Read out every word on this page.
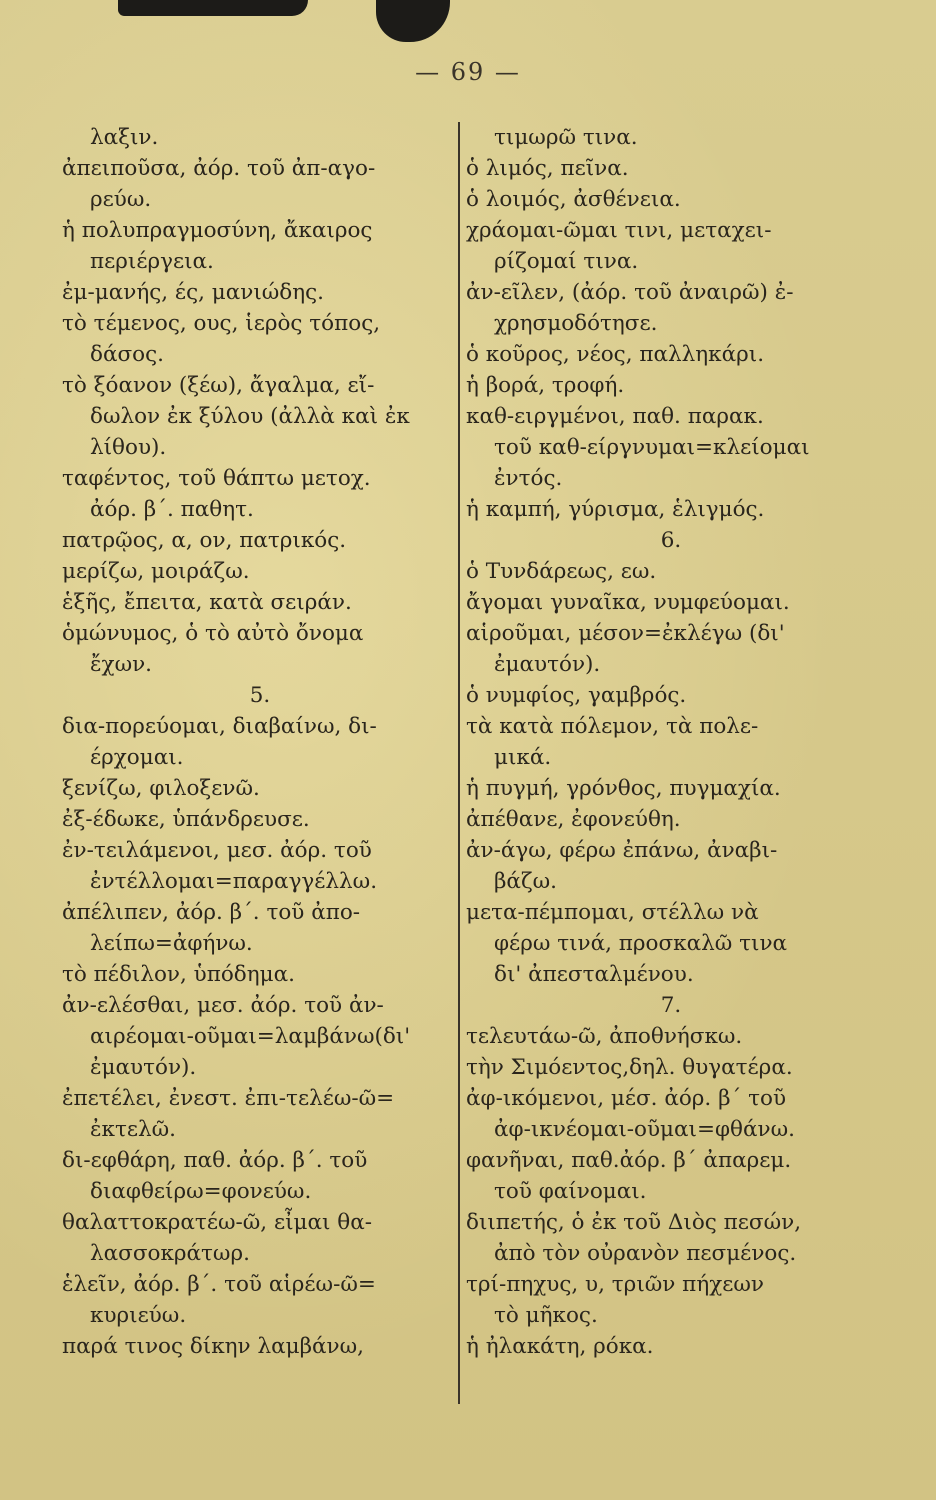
— 69 —
λαξιν.
ἀπειποῦσα, ἀόρ. τοῦ ἀπ-αγο-
ρεύω.
ἡ πολυπραγμοσύνη, ἄκαιρος
περιέργεια.
ἐμ-μανής, ές, μανιώδης.
τὸ τέμενος, ους, ἱερὸς τόπος,
δάσος.
τὸ ξόανον (ξέω), ἄγαλμα, εἴ-
δωλον ἐκ ξύλου (ἀλλὰ καὶ ἐκ
λίθου).
ταφέντος, τοῦ θάπτω μετοχ.
ἀόρ. β΄. παθητ.
πατρῷος, α, ον, πατρικός.
μερίζω, μοιράζω.
ἑξῆς, ἔπειτα, κατὰ σειράν.
ὁμώνυμος, ὁ τὸ αὐτὸ ὄνομα
ἔχων.
5.
δια-πορεύομαι, διαβαίνω, δι-
έρχομαι.
ξενίζω, φιλοξενῶ.
ἐξ-έδωκε, ὑπάνδρευσε.
ἐν-τειλάμενοι, μεσ. ἀόρ. τοῦ
ἐντέλλομαι=παραγγέλλω.
ἀπέλιπεν, ἀόρ. β΄. τοῦ ἀπο-
λείπω=ἀφήνω.
τὸ πέδιλον, ὑπόδημα.
ἀν-ελέσθαι, μεσ. ἀόρ. τοῦ ἀν-
αιρέομαι-οῦμαι=λαμβάνω(δι'
ἐμαυτόν).
ἐπετέλει, ἐνεστ. ἐπι-τελέω-ῶ=
ἐκτελῶ.
δι-εφθάρη, παθ. ἀόρ. β΄. τοῦ
διαφθείρω=φονεύω.
θαλαττοκρατέω-ῶ, εἶμαι θα-
λασσοκράτωρ.
ἑλεῖν, ἀόρ. β΄. τοῦ αἱρέω-ῶ=
κυριεύω.
παρά τινος δίκην λαμβάνω,
τιμωρῶ τινα.
ὁ λιμός, πεῖνα.
ὁ λοιμός, ἀσθένεια.
χράομαι-ῶμαι τινι, μεταχει-
ρίζομαί τινα.
ἀν-εῖλεν, (ἀόρ. τοῦ ἀναιρῶ) ἐ-
χρησμοδότησε.
ὁ κοῦρος, νέος, παλληκάρι.
ἡ βορά, τροφή.
καθ-ειργμένοι, παθ. παρακ.
τοῦ καθ-είργνυμαι=κλείομαι
ἐντός.
ἡ καμπή, γύρισμα, ἑλιγμός.
6.
ὁ Τυνδάρεως, εω.
ἄγομαι γυναῖκα, νυμφεύομαι.
αἱροῦμαι, μέσον=ἐκλέγω (δι'
ἐμαυτόν).
ὁ νυμφίος, γαμβρός.
τὰ κατὰ πόλεμον, τὰ πολε-
μικά.
ἡ πυγμή, γρόνθος, πυγμαχία.
ἀπέθανε, ἐφονεύθη.
ἀν-άγω, φέρω ἐπάνω, ἀναβι-
βάζω.
μετα-πέμπομαι, στέλλω νὰ
φέρω τινά, προσκαλῶ τινα
δι' ἀπεσταλμένου.
7.
τελευτάω-ῶ, ἀποθνήσκω.
τὴν Σιμόεντος,δηλ. θυγατέρα.
ἀφ-ικόμενοι, μέσ. ἀόρ. β΄ τοῦ
ἀφ-ικνέομαι-οῦμαι=φθάνω.
φανῆναι, παθ.ἀόρ. β΄ ἀπαρεμ.
τοῦ φαίνομαι.
διιπετής, ὁ ἐκ τοῦ Διὸς πεσών,
ἀπὸ τὸν οὐρανὸν πεσμένος.
τρί-πηχυς, υ, τριῶν πήχεων
τὸ μῆκος.
ἡ ἠλακάτη, ρόκα.
